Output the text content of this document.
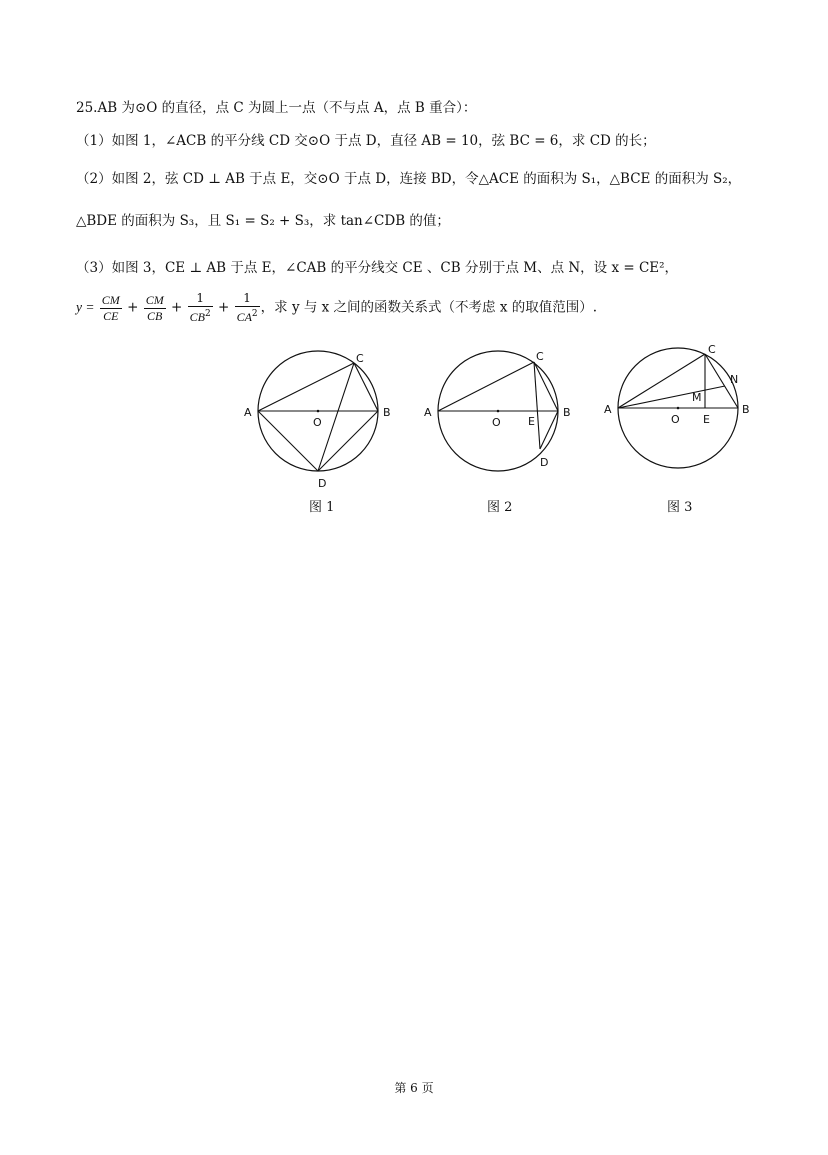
25.AB 为⊙O 的直径，点 C 为圆上一点（不与点 A，点 B 重合）：
（1）如图 1，∠ACB 的平分线 CD 交⊙O 于点 D，直径 AB = 10，弦 BC = 6，求 CD 的长；
（2）如图 2，弦 CD ⊥ AB 于点 E，交⊙O 于点 D，连接 BD，令△ACE 的面积为 S₁，△BCE 的面积为 S₂，
△BDE 的面积为 S₃，且 S₁ = S₂ + S₃，求 tan∠CDB 的值；
（3）如图 3，CE ⊥ AB 于点 E，∠CAB 的平分线交 CE 、CB 分别于点 M、点 N，设 x = CE²，
$y = \frac{CM}{CE} + \frac{CM}{CB} + \frac{1}{CB^2} + \frac{1}{CA^2}$ ，求 y 与 x 之间的函数关系式（不考虑 x 的取值范围）.
A	B
C
D
O
图 1
A	B
C
D
E
O
图 2
A	B
C
N
M
E
O
图 3
第 6 页
